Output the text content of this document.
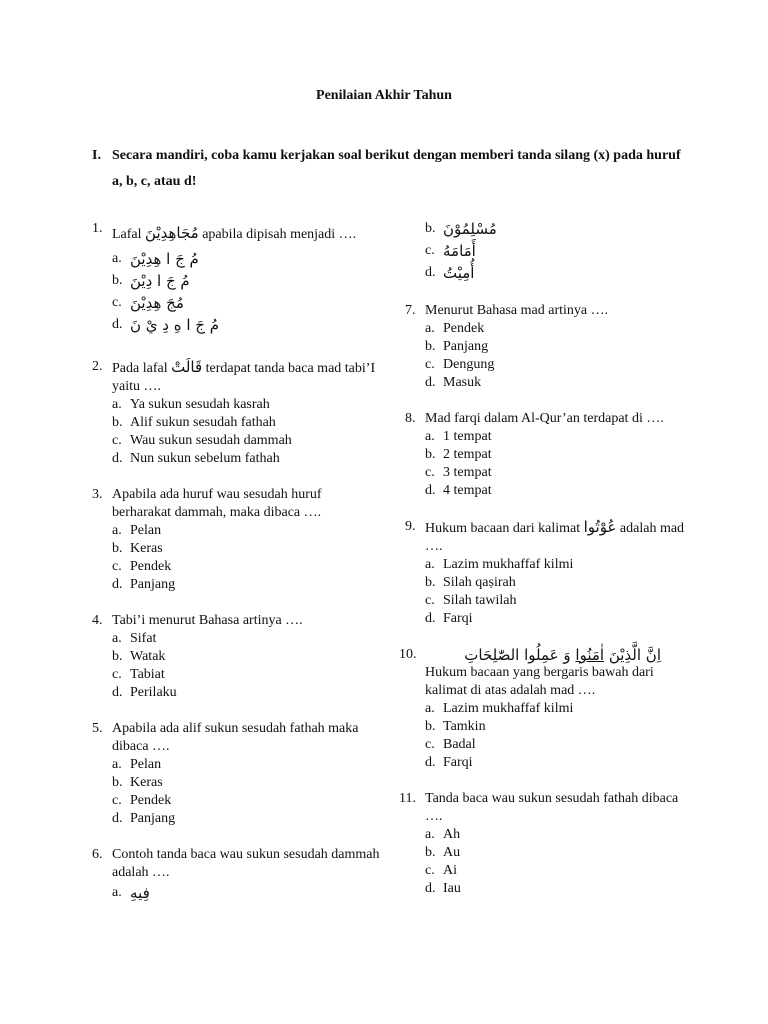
Penilaian Akhir Tahun
I. Secara mandiri, coba kamu kerjakan soal berikut dengan memberi tanda silang (x) pada huruf a, b, c, atau d!
1. Lafal مُجَاهِدِيْنَ apabila dipisah menjadi ….
a. مُ جَ ا هِدِيْنَ
b. مُ جَ ا دِيْنَ
c. مُجَ هِدِيْنَ
d. مُ جَ ا هِ دِ يْ نَ
2. Pada lafal قَالَتْ terdapat tanda baca mad tabi’I yaitu ….
a. Ya sukun sesudah kasrah
b. Alif sukun sesudah fathah
c. Wau sukun sesudah dammah
d. Nun sukun sebelum fathah
3. Apabila ada huruf wau sesudah huruf berharakat dammah, maka dibaca ….
a. Pelan
b. Keras
c. Pendek
d. Panjang
4. Tabi’i menurut Bahasa artinya ….
a. Sifat
b. Watak
c. Tabiat
d. Perilaku
5. Apabila ada alif sukun sesudah fathah maka dibaca ….
a. Pelan
b. Keras
c. Pendek
d. Panjang
6. Contoh tanda baca wau sukun sesudah dammah adalah ….
a. فِيهِ
b. مُسْلِمُوْنَ
c. أَمَامَهُ
d. أُمِيْتُ
7. Menurut Bahasa mad artinya ….
a. Pendek
b. Panjang
c. Dengung
d. Masuk
8. Mad farqi dalam Al-Qur’an terdapat di ….
a. 1 tempat
b. 2 tempat
c. 3 tempat
d. 4 tempat
9. Hukum bacaan dari kalimat عُوْتُوا adalah mad ….
a. Lazim mukhaffaf kilmi
b. Silah qaṣirah
c. Silah tawilah
d. Farqi
10.	اِنَّ الَّذِيْنَ اٰمَنُوا وَ عَمِلُوا الصّٰلِحَاتِ
Hukum bacaan yang bergaris bawah dari kalimat di atas adalah mad ….
a. Lazim mukhaffaf kilmi
b. Tamkin
c. Badal
d. Farqi
11. Tanda baca wau sukun sesudah fathah dibaca ….
a. Ah
b. Au
c. Ai
d. Iau
